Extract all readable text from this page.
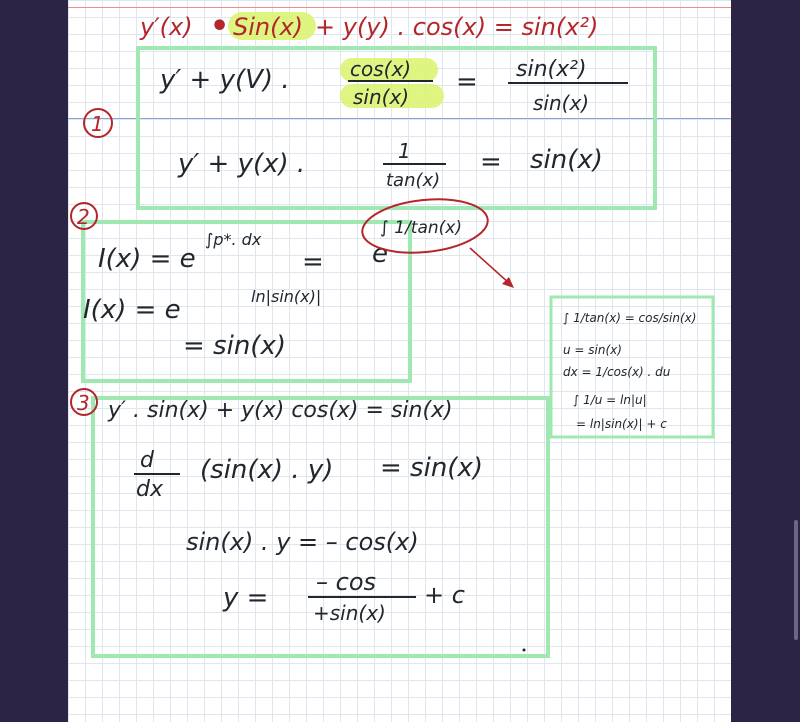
y′(x) • Sin(x) + y(y) . cos(x) = sin(x²)
1
y′ + y(V) .	cos(x)
sin(x) = sin(x²)
sin(x)
y′ + y(x) .	1
tan(x)
= sin(x)
2
I(x) = e
∫p*. dx
= e
∫ 1/tan(x)
I(x) = e	ln|sin(x)|
= sin(x)
∫ 1/tan(x) = cos/sin(x)
u = sin(x)
dx = 1/cos(x) . du
∫ 1/u = ln|u|
= ln|sin(x)| + c
3 y′ . sin(x) + y(x) cos(x) = sin(x)
d
dx
(sin(x) . y) = sin(x)
sin(x) . y = – cos(x)
y =
– cos
+sin(x)
+ c
